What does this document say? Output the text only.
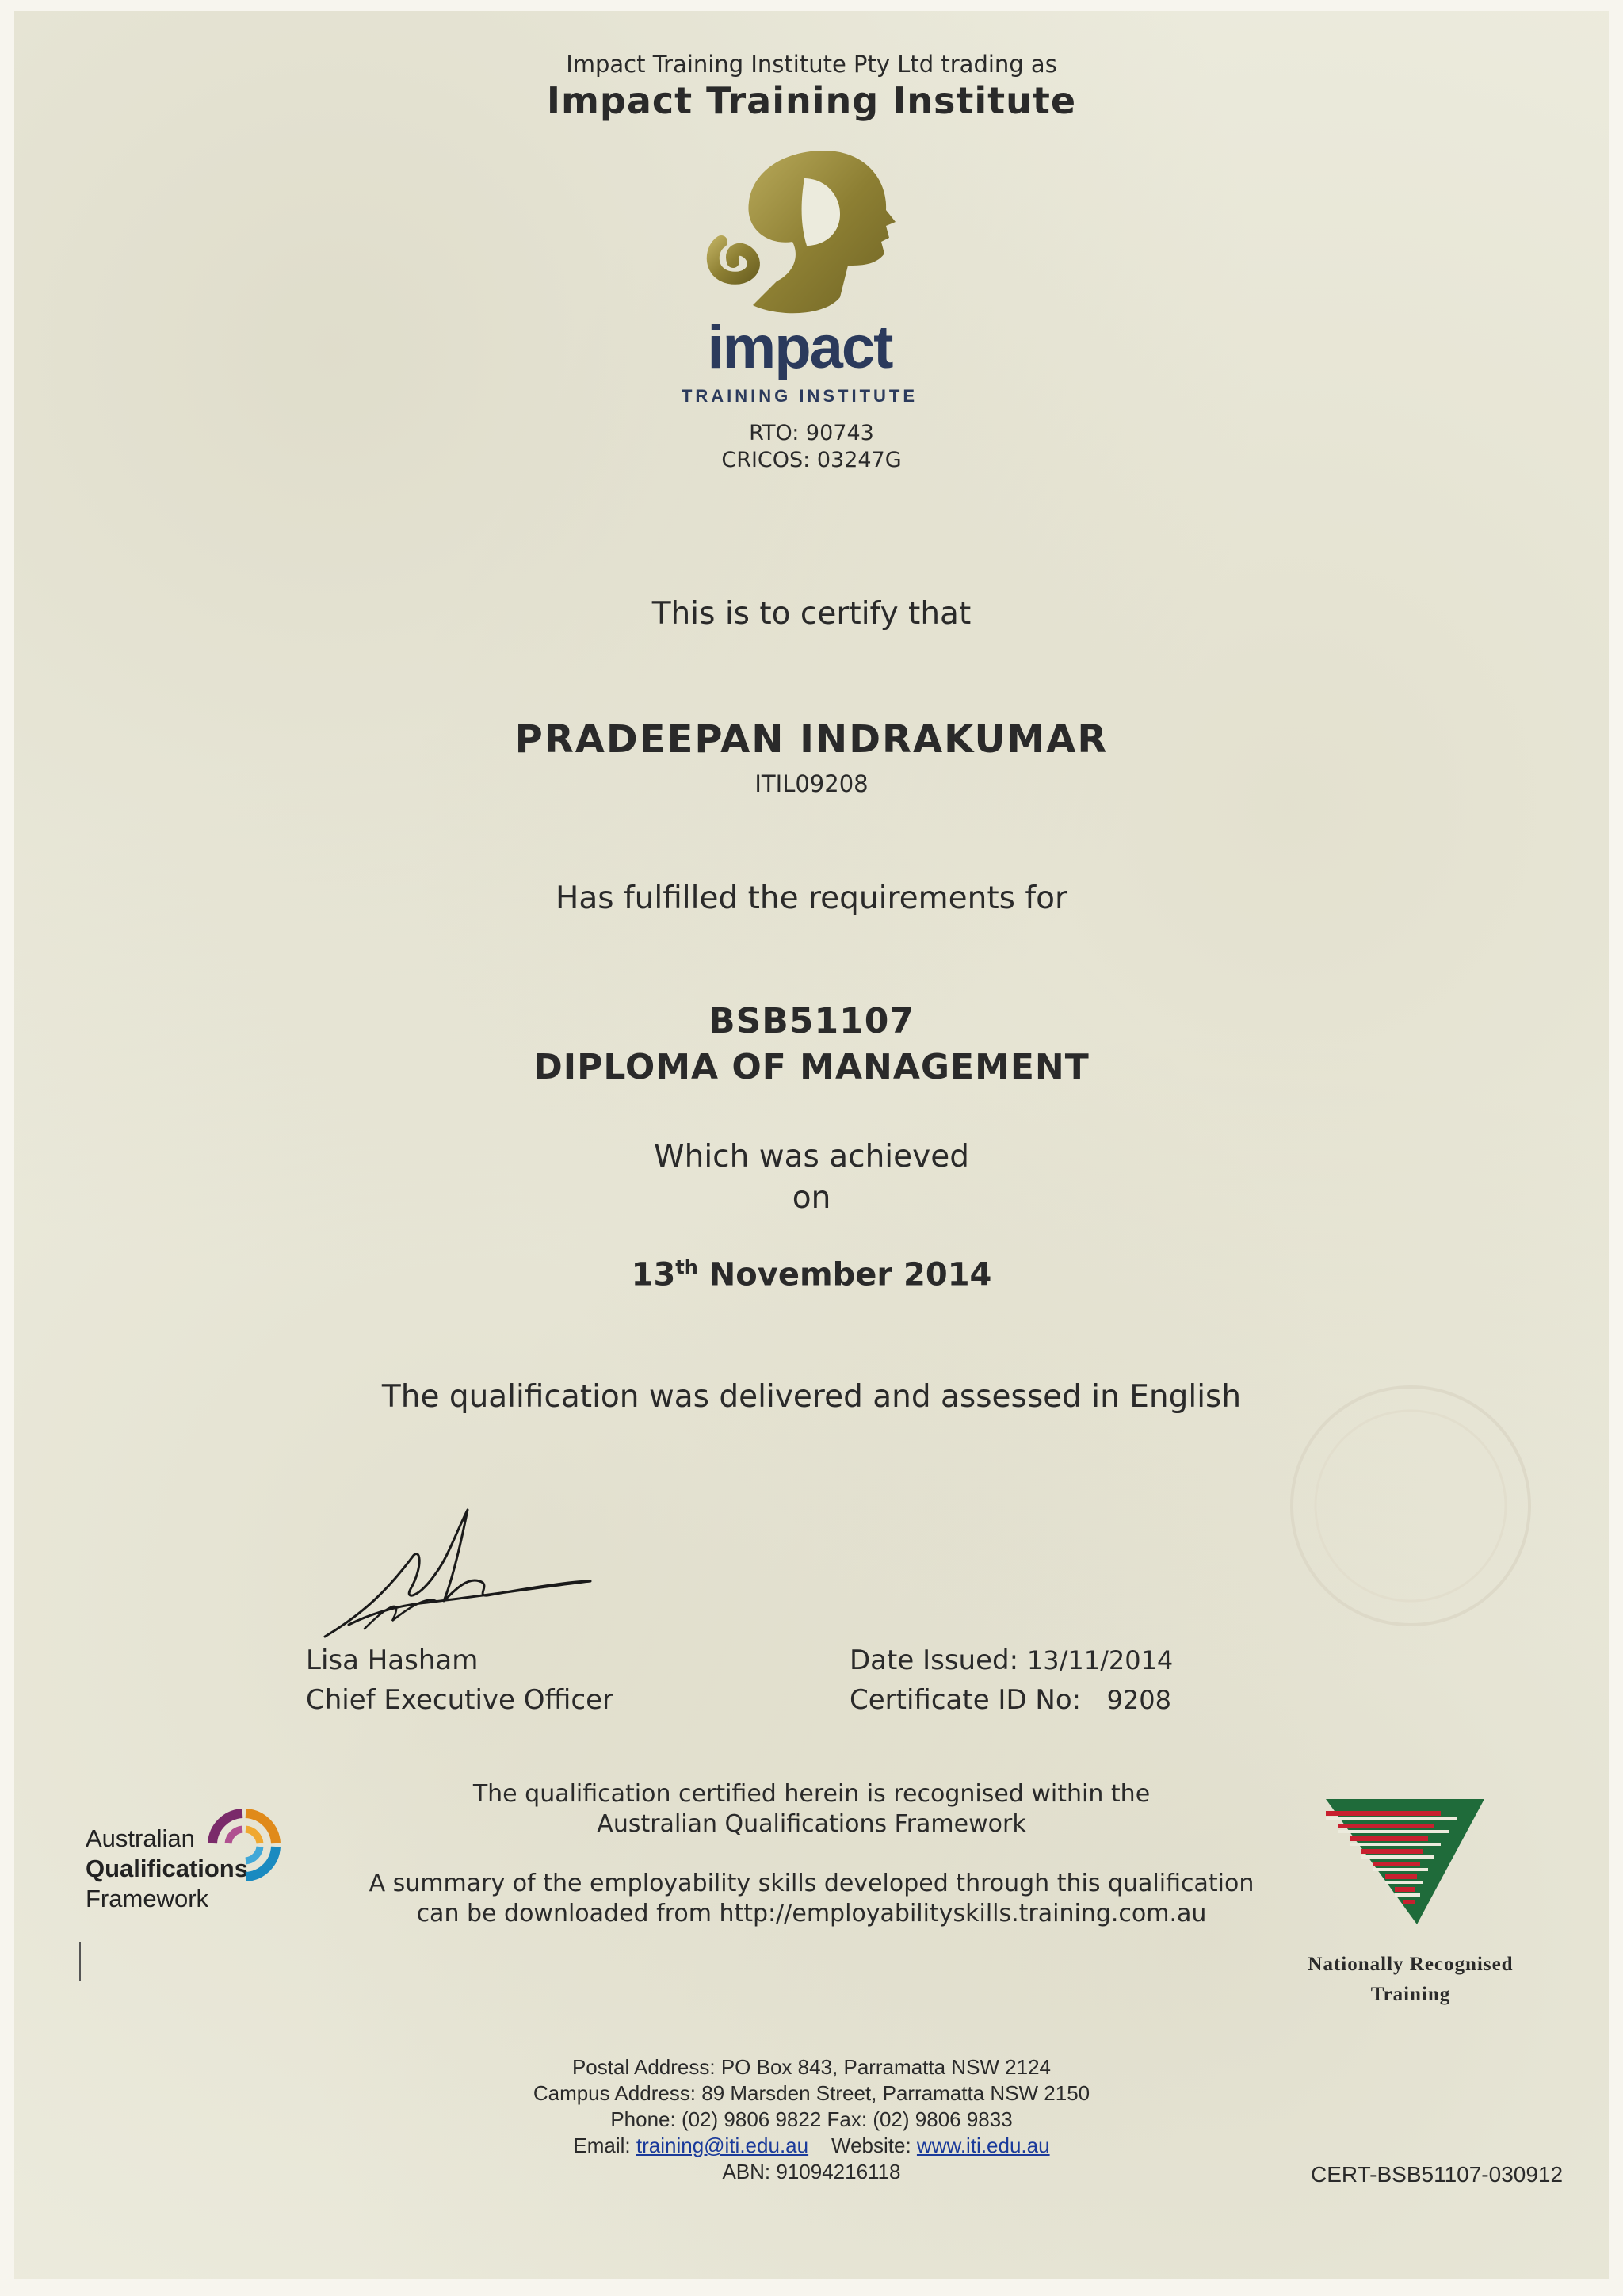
Impact Training Institute Pty Ltd trading as
Impact Training Institute
impact
TRAINING INSTITUTE
RTO: 90743
CRICOS: 03247G
This is to certify that
PRADEEPAN INDRAKUMAR
ITIL09208
Has fulfilled the requirements for
BSB51107
DIPLOMA OF MANAGEMENT
Which was achieved
on
13th November 2014
The qualification was delivered and assessed in English
Lisa Hasham
Chief Executive Officer
Date Issued: 13/11/2014
Certificate ID No: 9208
The qualification certified herein is recognised within the
Australian Qualifications Framework
A summary of the employability skills developed through this qualification
can be downloaded from http://employabilityskills.training.com.au
Australian
Qualifications
Framework
Nationally Recognised
Training
Postal Address: PO Box 843, Parramatta NSW 2124
Campus Address: 89 Marsden Street, Parramatta NSW 2150
Phone: (02) 9806 9822 Fax: (02) 9806 9833
Email: training@iti.edu.au Website: www.iti.edu.au
ABN: 91094216118	CERT-BSB51107-030912
